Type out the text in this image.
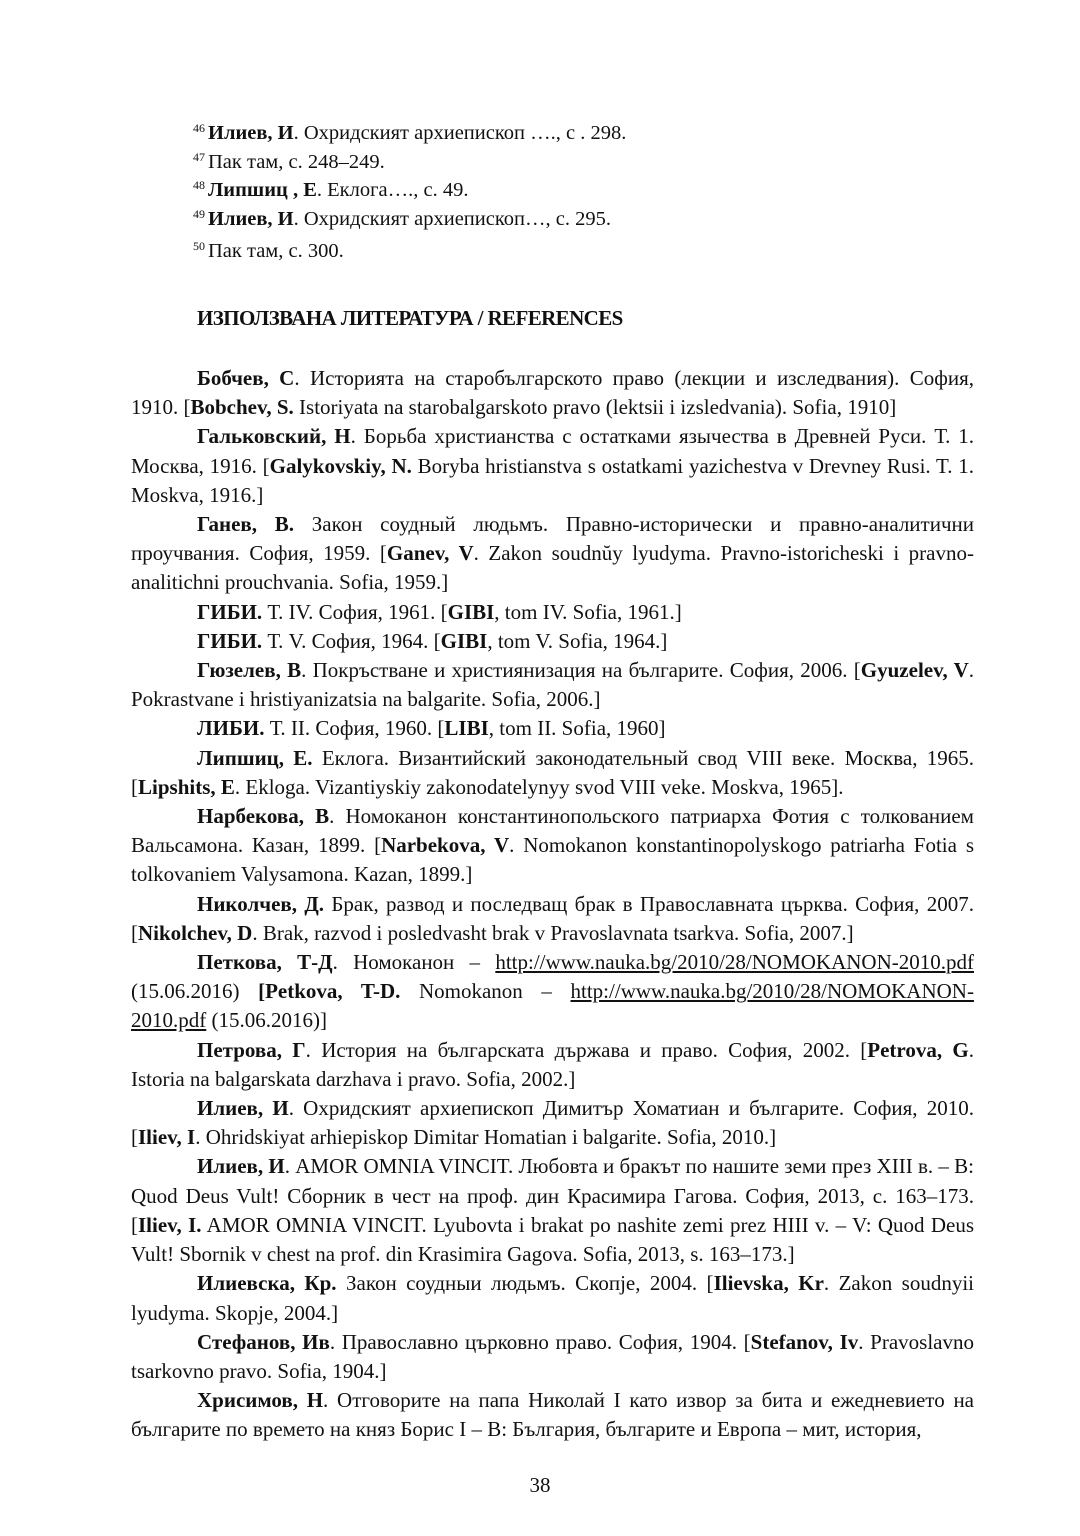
$^{46}$ Илиев, И. Охридският архиепископ …., с . 298.
$^{47}$ Пак там, с. 248–249.
$^{48}$ Липшиц , Е. Еклога…., с. 49.
$^{49}$ Илиев, И. Охридският архиепископ…, с. 295.
$^{50}$ Пак там, с. 300.
ИЗПОЛЗВАНА ЛИТЕРАТУРА / REFERENCES

Бобчев, С. Историята на старобългарското право (лекции и изследвания). София, 1910. [Bobchev, S. Istoriyata na starobalgarskoto pravo (lektsii i izsledvania). Sofia, 1910]

Гальковский, Н. Борьба христианства с остатками язычества в Древней Руси. Т. 1. Москва, 1916. [Galykovskiy, N. Boryba hristianstva s ostatkami yazichestva v Drevney Rusi. T. 1. Moskva, 1916.]

Ганев, В. Закон соудный людьмъ. Правно-исторически и правно-аналитични проучвания. София, 1959. [Ganev, V. Zakon soudnŭy lyudyma. Pravno-istoricheski i pravno-analitichni prouchvania. Sofia, 1959.]

ГИБИ. Т. IV. София, 1961. [GIBI, tom IV. Sofia, 1961.]

ГИБИ. Т. V. София, 1964. [GIBI, tom V. Sofia, 1964.]

Гюзелев, В. Покръстване и християнизация на българите. София, 2006. [Gyuzelev, V. Pokrastvane i hristiyanizatsia na balgarite. Sofia, 2006.]

ЛИБИ. Т. II. София, 1960. [LIBI, tom II. Sofia, 1960]

Липшиц, Е. Еклога. Византийский законодательный свод VIII веке. Москва, 1965. [Lipshits, E. Ekloga. Vizantiyskiy zakonodatelynyy svod VIII veke. Moskva, 1965].

Нарбекова, В. Номоканон константинопольского патриарха Фотия с толкованием Вальсамона. Казан, 1899. [Narbekova, V. Nomokanon konstantinopolyskogo patriarha Fotia s tolkovaniem Valysamona. Kazan, 1899.]

Николчев, Д. Брак, развод и последващ брак в Православната църква. София, 2007. [Nikolchev, D. Brak, razvod i posledvasht brak v Pravoslavnata tsarkva. Sofia, 2007.]

Петкова, Т-Д. Номоканон – http://www.nauka.bg/2010/28/NOMOKANON-2010.pdf (15.06.2016) [Petkova, T-D. Nomokanon – http://www.nauka.bg/2010/28/NOMOKANON-2010.pdf (15.06.2016)]

Петрова, Г. История на българската държава и право. София, 2002. [Petrova, G. Istoria na balgarskata darzhava i pravo. Sofia, 2002.]

Илиев, И. Охридският архиепископ Димитър Хоматиан и българите. София, 2010. [Iliev, I. Ohridskiyat arhiepiskop Dimitar Homatian i balgarite. Sofia, 2010.]

Илиев, И. AMOR OMNIA VINCIT. Любовта и бракът по нашите земи през XIII в. – В: Quod Deus Vult! Сборник в чест на проф. дин Красимира Гагова. София, 2013, с. 163–173. [Iliev, I. AMOR OMNIA VINCIT. Lyubovta i brakat po nashite zemi prez HIII v. – V: Quod Deus Vult! Sbornik v chest na prof. din Krasimira Gagova. Sofia, 2013, s. 163–173.]

Илиевска, Кр. Закон соудныи людьмъ. Скопjе, 2004. [Ilievska, Kr. Zakon soudnyii lyudyma. Skopje, 2004.]

Стефанов, Ив. Православно църковно право. София, 1904. [Stefanov, Iv. Pravoslavno tsarkovno pravo. Sofia, 1904.]

Хрисимов, Н. Отговорите на папа Николай I като извор за бита и ежедневието на българите по времето на княз Борис I – В: България, българите и Европа – мит, история,

38
